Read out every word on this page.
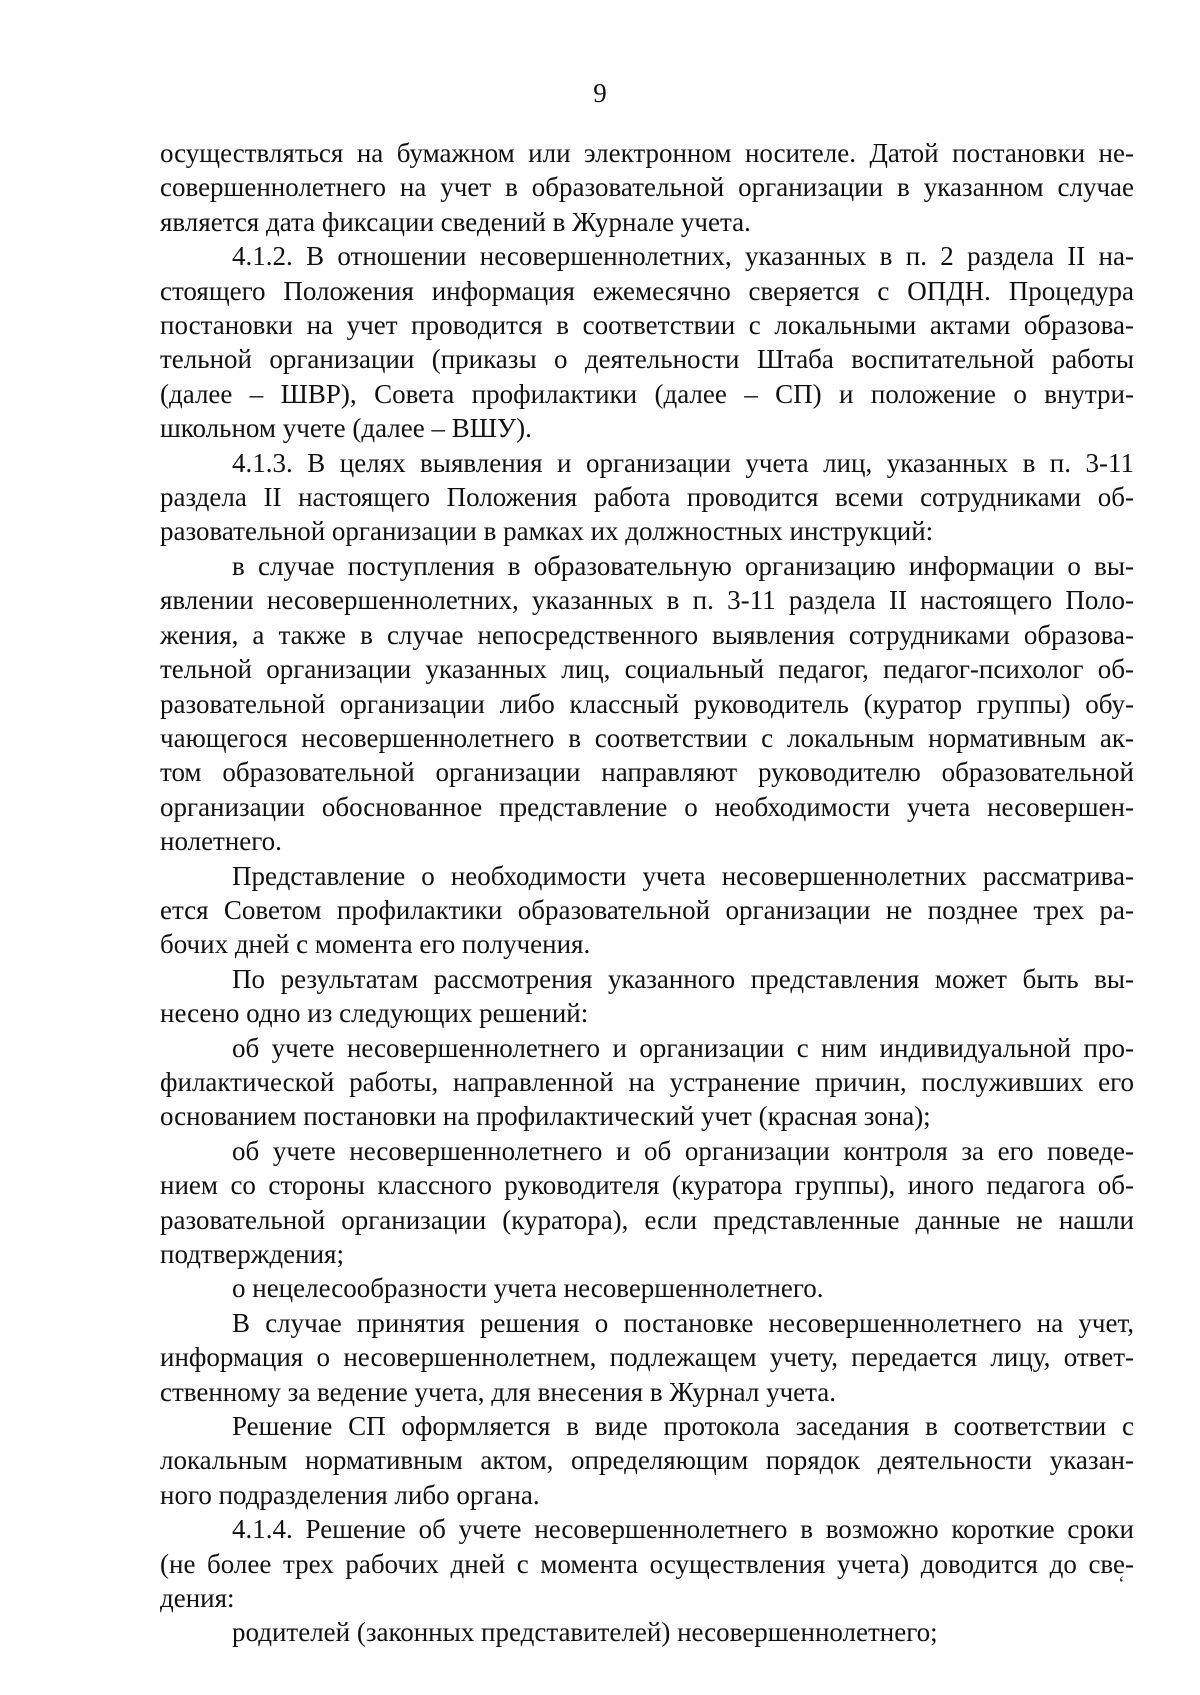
9

осуществляться на бумажном или электронном носителе. Датой постановки не-
совершеннолетнего на учет в образовательной организации в указанном случае
является дата фиксации сведений в Журнале учета.

4.1.2. В отношении несовершеннолетних, указанных в п. 2 раздела II на-
стоящего Положения информация ежемесячно сверяется с ОПДН. Процедура
постановки на учет проводится в соответствии с локальными актами образова-
тельной организации (приказы о деятельности Штаба воспитательной работы
(далее – ШВР), Совета профилактики (далее – СП) и положение о внутри-
школьном учете (далее – ВШУ).

4.1.3. В целях выявления и организации учета лиц, указанных в п. 3-11
раздела II настоящего Положения работа проводится всеми сотрудниками об-
разовательной организации в рамках их должностных инструкций:

в случае поступления в образовательную организацию информации о вы-
явлении несовершеннолетних, указанных в п. 3-11 раздела II настоящего Поло-
жения, а также в случае непосредственного выявления сотрудниками образова-
тельной организации указанных лиц, социальный педагог, педагог-психолог об-
разовательной организации либо классный руководитель (куратор группы) обу-
чающегося несовершеннолетнего в соответствии с локальным нормативным ак-
том образовательной организации направляют руководителю образовательной
организации обоснованное представление о необходимости учета несовершен-
нолетнего.

Представление о необходимости учета несовершеннолетних рассматрива-
ется Советом профилактики образовательной организации не позднее трех ра-
бочих дней с момента его получения.

По результатам рассмотрения указанного представления может быть вы-
несено одно из следующих решений:

об учете несовершеннолетнего и организации с ним индивидуальной про-
филактической работы, направленной на устранение причин, послуживших его
основанием постановки на профилактический учет (красная зона);

об учете несовершеннолетнего и об организации контроля за его поведе-
нием со стороны классного руководителя (куратора группы), иного педагога об-
разовательной организации (куратора), если представленные данные не нашли
подтверждения;

о нецелесообразности учета несовершеннолетнего.

В случае принятия решения о постановке несовершеннолетнего на учет,
информация о несовершеннолетнем, подлежащем учету, передается лицу, ответ-
ственному за ведение учета, для внесения в Журнал учета.

Решение СП оформляется в виде протокола заседания в соответствии с
локальным нормативным актом, определяющим порядок деятельности указан-
ного подразделения либо органа.

4.1.4. Решение об учете несовершеннолетнего в возможно короткие сроки
(не более трех рабочих дней с момента осуществления учета) доводится до све-
дения:

родителей (законных представителей) несовершеннолетнего;

‘
